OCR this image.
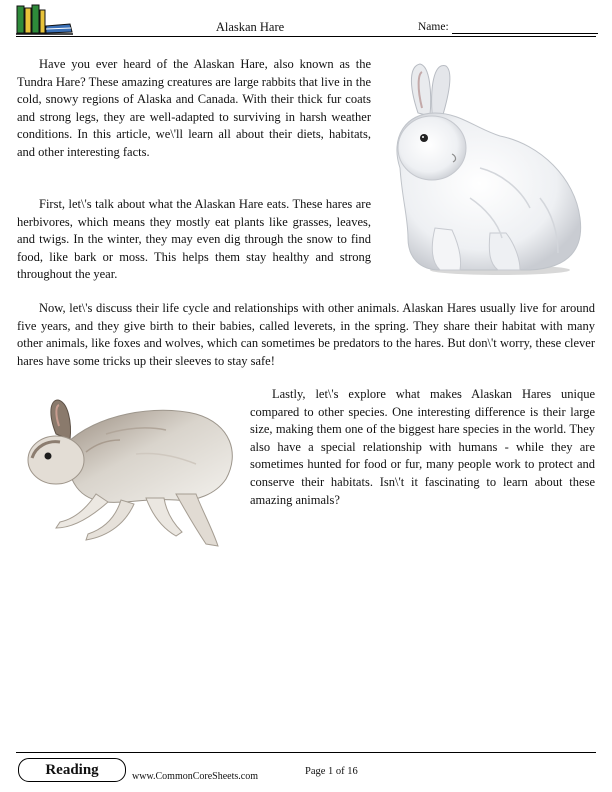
Alaskan Hare	Name:

Have you ever heard of the Alaskan Hare, also known as the Tundra Hare? These amazing creatures are large rabbits that live in the cold, snowy regions of Alaska and Canada. With their thick fur coats and strong legs, they are well-adapted to surviving in harsh weather conditions. In this article, we\'ll learn all about their diets, habitats, and other interesting facts.

First, let\'s talk about what the Alaskan Hare eats. These hares are herbivores, which means they mostly eat plants like grasses, leaves, and twigs. In the winter, they may even dig through the snow to find food, like bark or moss. This helps them stay healthy and strong throughout the year.

Now, let\'s discuss their life cycle and relationships with other animals. Alaskan Hares usually live for around five years, and they give birth to their babies, called leverets, in the spring. They share their habitat with many other animals, like foxes and wolves, which can sometimes be predators to the hares. But don\'t worry, these clever hares have some tricks up their sleeves to stay safe!

Lastly, let\'s explore what makes Alaskan Hares unique compared to other species. One interesting difference is their large size, making them one of the biggest hare species in the world. They also have a special relationship with humans - while they are sometimes hunted for food or fur, many people work to protect and conserve their habitats. Isn\'t it fascinating to learn about these amazing animals?

Reading	www.CommonCoreSheets.com	Page 1 of 16
